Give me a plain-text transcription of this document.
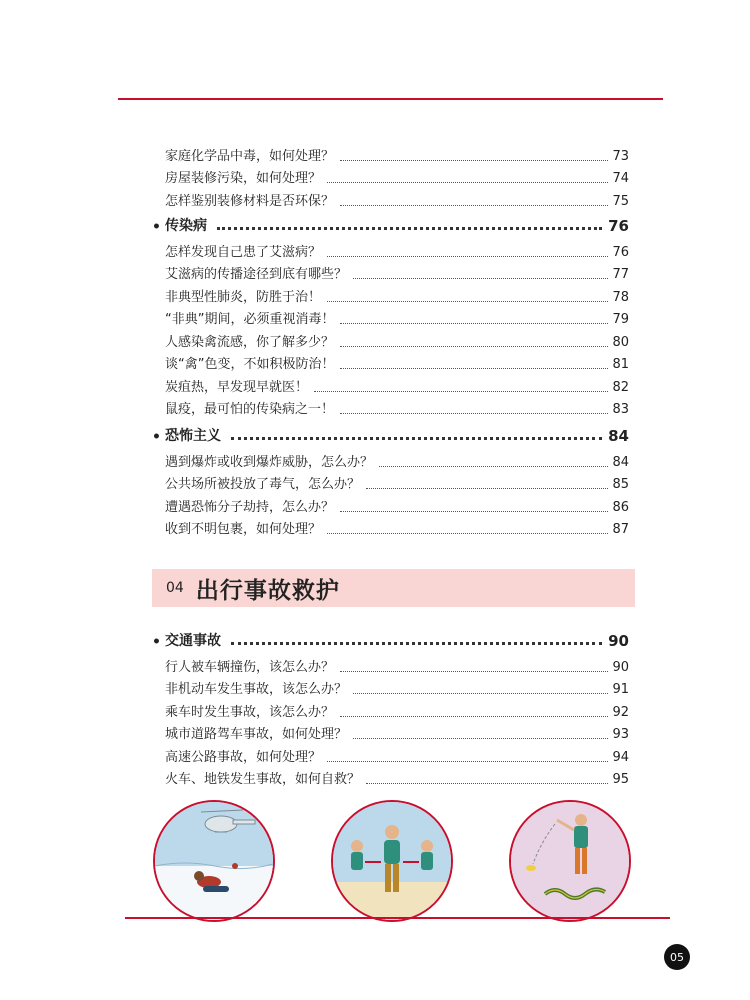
家庭化学品中毒，如何处理？	73
房屋装修污染，如何处理？	74
怎样鉴别装修材料是否环保？	75
• 传染病	76
怎样发现自己患了艾滋病？	76
艾滋病的传播途径到底有哪些？	77
非典型性肺炎，防胜于治！	78
“非典”期间，必须重视消毒！	79
人感染禽流感，你了解多少？	80
谈“禽”色变，不如积极防治！	81
炭疽热，早发现早就医！	82
鼠疫，最可怕的传染病之一！	83
• 恐怖主义	84
遇到爆炸或收到爆炸威胁，怎么办？	84
公共场所被投放了毒气，怎么办？	85
遭遇恐怖分子劫持，怎么办？	86
收到不明包裹，如何处理？	87
04 出行事故救护
• 交通事故	90
行人被车辆撞伤，该怎么办？	90
非机动车发生事故，该怎么办？	91
乘车时发生事故，该怎么办？	92
城市道路驾车事故，如何处理？	93
高速公路事故，如何处理？	94
火车、地铁发生事故，如何自救？	95
05
